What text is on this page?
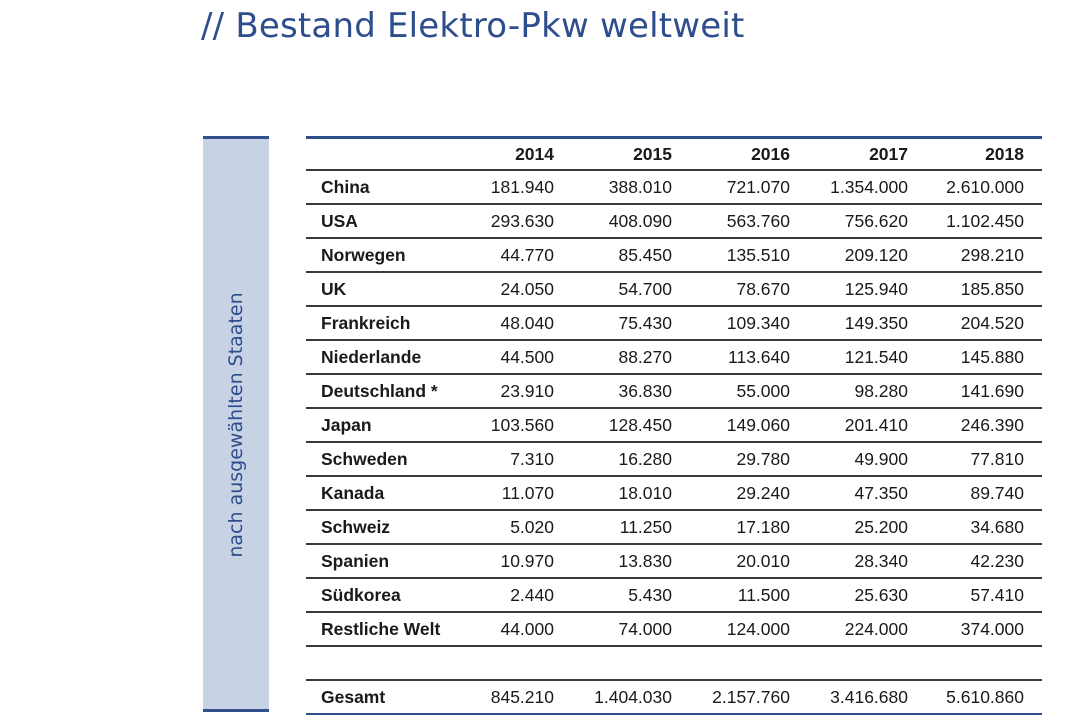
// Bestand Elektro-Pkw weltweit
nach ausgewählten Staaten
2014	2015	2016	2017	2018
China	181.940	388.010	721.070	1.354.000	2.610.000
USA	293.630	408.090	563.760	756.620	1.102.450
Norwegen	44.770	85.450	135.510	209.120	298.210
UK	24.050	54.700	78.670	125.940	185.850
Frankreich	48.040	75.430	109.340	149.350	204.520
Niederlande	44.500	88.270	113.640	121.540	145.880
Deutschland *	23.910	36.830	55.000	98.280	141.690
Japan	103.560	128.450	149.060	201.410	246.390
Schweden	7.310	16.280	29.780	49.900	77.810
Kanada	11.070	18.010	29.240	47.350	89.740
Schweiz	5.020	11.250	17.180	25.200	34.680
Spanien	10.970	13.830	20.010	28.340	42.230
Südkorea	2.440	5.430	11.500	25.630	57.410
Restliche Welt	44.000	74.000	124.000	224.000	374.000
Gesamt	845.210	1.404.030	2.157.760	3.416.680	5.610.860
